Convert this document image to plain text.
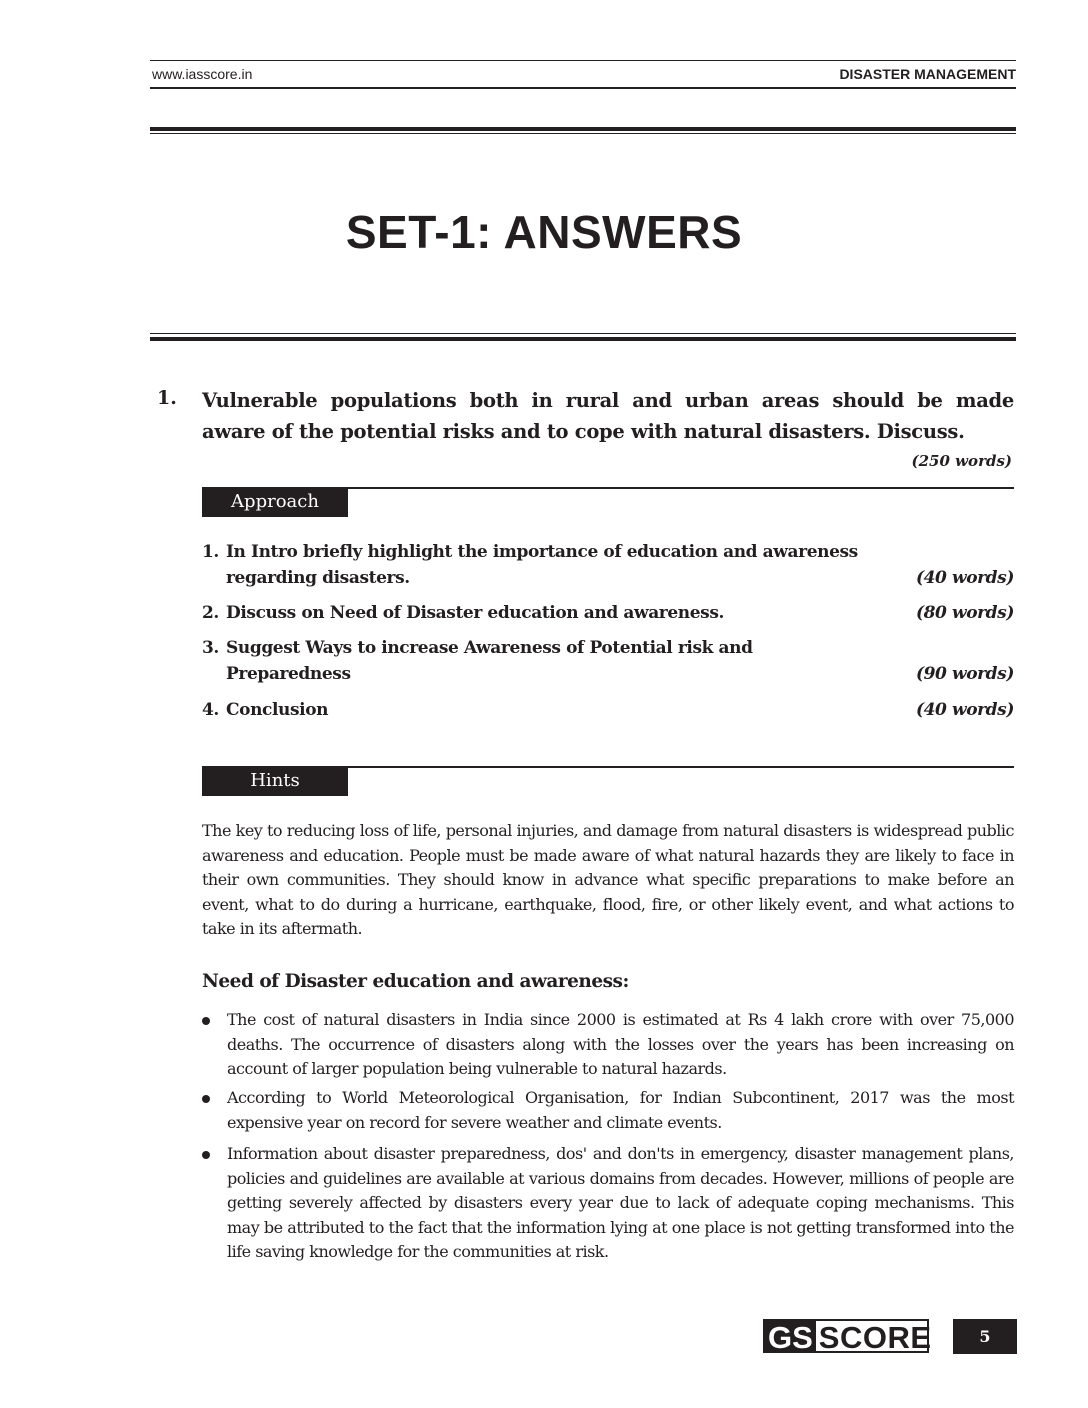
www.iasscore.in	DISASTER MANAGEMENT
SET-1: ANSWERS
1. Vulnerable populations both in rural and urban areas should be made aware of the potential risks and to cope with natural disasters. Discuss.
(250 words)
Approach
1. In Intro briefly highlight the importance of education and awareness regarding disasters.	(40 words)
2. Discuss on Need of Disaster education and awareness.	(80 words)
3. Suggest Ways to increase Awareness of Potential risk and Preparedness	(90 words)
4. Conclusion	(40 words)
Hints
The key to reducing loss of life, personal injuries, and damage from natural disasters is widespread public awareness and education. People must be made aware of what natural hazards they are likely to face in their own communities. They should know in advance what specific preparations to make before an event, what to do during a hurricane, earthquake, flood, fire, or other likely event, and what actions to take in its aftermath.
Need of Disaster education and awareness:
The cost of natural disasters in India since 2000 is estimated at Rs 4 lakh crore with over 75,000 deaths. The occurrence of disasters along with the losses over the years has been increasing on account of larger population being vulnerable to natural hazards.
According to World Meteorological Organisation, for Indian Subcontinent, 2017 was the most expensive year on record for severe weather and climate events.
Information about disaster preparedness, dos' and don'ts in emergency, disaster management plans, policies and guidelines are available at various domains from decades. However, millions of people are getting severely affected by disasters every year due to lack of adequate coping mechanisms. This may be attributed to the fact that the information lying at one place is not getting transformed into the life saving knowledge for the communities at risk.
GS SCORE	5
